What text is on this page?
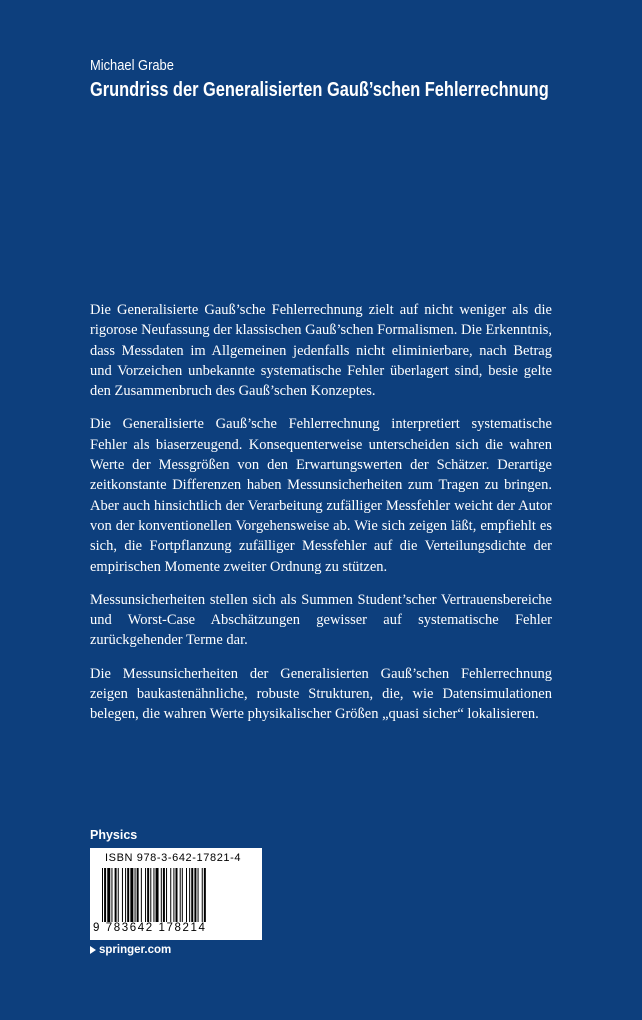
Michael Grabe
Grundriss der Generalisierten Gauß’schen Fehlerrechnung

Die Generalisierte Gauß’sche Fehlerrechnung zielt auf nicht weniger als die rigorose Neufassung der klassischen Gauß’schen Formalismen. Die Erkenntnis, dass Messdaten im Allgemeinen jedenfalls nicht eliminierbare, nach Betrag und Vorzeichen unbekannte systematische Fehler überlagert sind, besie gelte den Zusammenbruch des Gauß’schen Konzeptes.

Die Generalisierte Gauß’sche Fehlerrechnung interpretiert systematische Fehler als biaserzeugend. Konsequenterweise unterscheiden sich die wahren Werte der Messgrößen von den Erwartungswerten der Schätzer. Derartige zeitkonstante Differenzen haben Messunsicherheiten zum Tragen zu bringen. Aber auch hinsichtlich der Verarbeitung zufälliger Messfehler weicht der Autor von der konventionellen Vorgehensweise ab. Wie sich zeigen läßt, empfiehlt es sich, die Fortpflanzung zufälliger Messfehler auf die Verteilungsdichte der empirischen Momente zweiter Ordnung zu stützen.

Messunsicherheiten stellen sich als Summen Student’scher Vertrauensbereiche und Worst-Case Abschätzungen gewisser auf systematische Fehler zurückgehender Terme dar.

Die Messunsicherheiten der Generalisierten Gauß’schen Fehlerrechnung zeigen baukastenähnliche, robuste Strukturen, die, wie Datensimulationen belegen, die wahren Werte physikalischer Größen „quasi sicher“ lokalisieren.

Physics
ISBN 978-3-642-17821-4
9 783642 178214
springer.com
